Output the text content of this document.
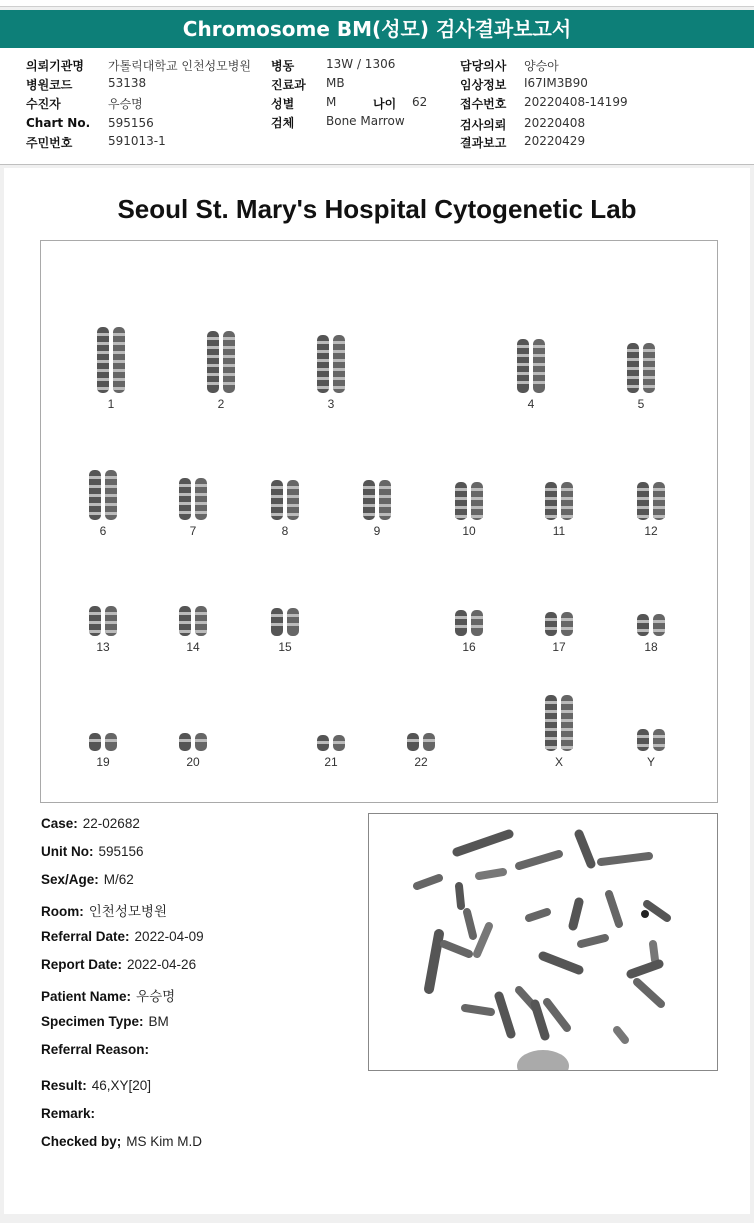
Chromosome BM(성모) 검사결과보고서
의뢰기관명 가톨릭대학교 인천성모병원
병원코드	53138
수진자	우승명
Chart No. 595156
주민번호	591013-1
병동	13W / 1306
진료과 MB
성별	M	나이 62
검체	Bone Marrow
담당의사 양승아
임상정보 I67IM3B90
접수번호 20220408-14199
검사의뢰 20220408
결과보고 20220429
Seoul St. Mary's Hospital Cytogenetic Lab
1	2	3	4	5
6	7	8	9	10	11	12
13	14	15	16	17	18
19	20	21	22	X	Y
Case: 22-02682
Unit No: 595156
Sex/Age: M/62
Room: 인천성모병원
Referral Date: 2022-04-09
Report Date: 2022-04-26
Patient Name: 우승명
Specimen Type: BM
Referral Reason:
Result: 46,XY[20]
Remark:
Checked by; MS Kim M.D
